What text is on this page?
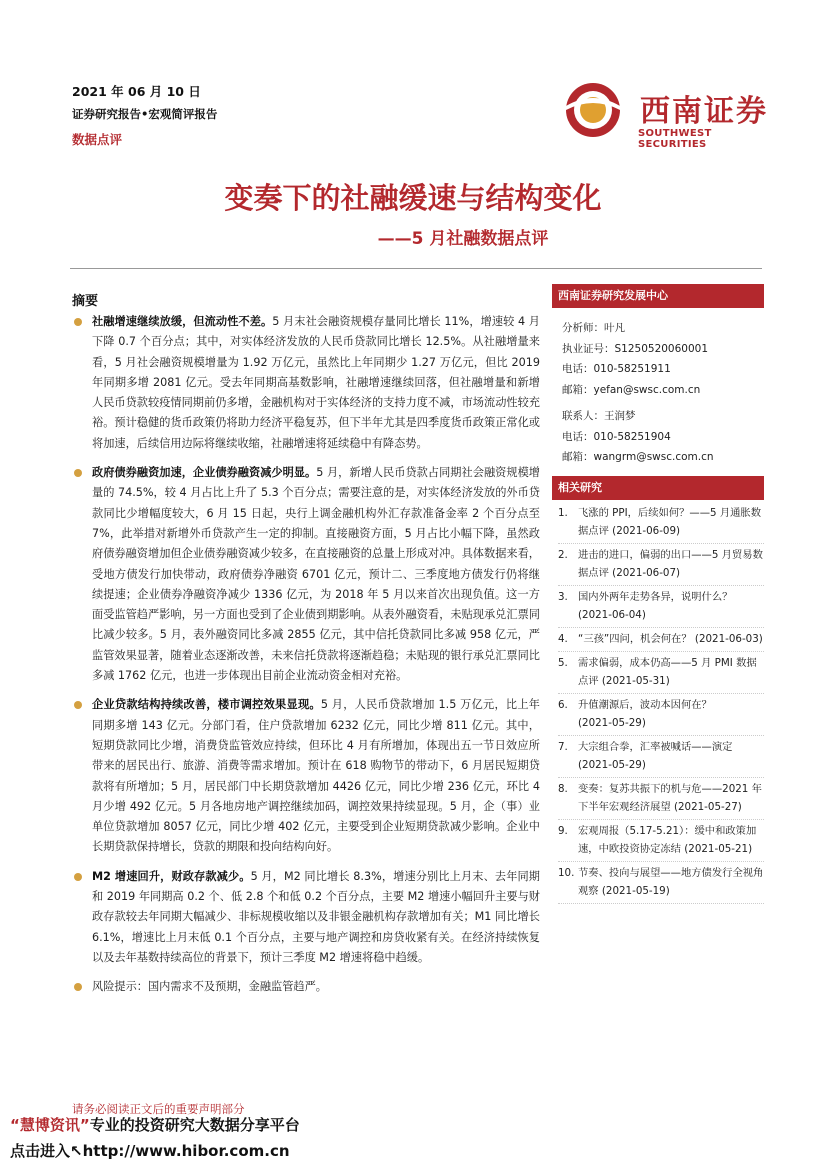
2021 年 06 月 10 日
证券研究报告•宏观简评报告
数据点评
西南证券
SOUTHWEST SECURITIES
变奏下的社融缓速与结构变化
——5 月社融数据点评
摘要
社融增速继续放缓，但流动性不差。5 月末社会融资规模存量同比增长 11%，增速较 4 月下降 0.7 个百分点；其中，对实体经济发放的人民币贷款同比增长 12.5%。从社融增量来看，5 月社会融资规模增量为 1.92 万亿元，虽然比上年同期少 1.27 万亿元，但比 2019 年同期多增 2081 亿元。受去年同期高基数影响，社融增速继续回落，但社融增量和新增人民币贷款较疫情同期前仍多增，金融机构对于实体经济的支持力度不减，市场流动性较充裕。预计稳健的货币政策仍将助力经济平稳复苏，但下半年尤其是四季度货币政策正常化或将加速，后续信用边际将继续收缩，社融增速将延续稳中有降态势。
政府债券融资加速，企业债券融资减少明显。5 月，新增人民币贷款占同期社会融资规模增量的 74.5%，较 4 月占比上升了 5.3 个百分点；需要注意的是，对实体经济发放的外币贷款同比少增幅度较大，6 月 15 日起，央行上调金融机构外汇存款准备金率 2 个百分点至 7%，此举措对新增外币贷款产生一定的抑制。直接融资方面，5 月占比小幅下降，虽然政府债券融资增加但企业债券融资减少较多，在直接融资的总量上形成对冲。具体数据来看，受地方债发行加快带动，政府债券净融资 6701 亿元，预计二、三季度地方债发行仍将继续提速；企业债券净融资净减少 1336 亿元，为 2018 年 5 月以来首次出现负值。这一方面受监管趋严影响，另一方面也受到了企业债到期影响。从表外融资看，未贴现承兑汇票同比减少较多。5 月，表外融资同比多减 2855 亿元，其中信托贷款同比多减 958 亿元，严监管效果显著，随着业态逐渐改善，未来信托贷款将逐渐趋稳；未贴现的银行承兑汇票同比多减 1762 亿元，也进一步体现出目前企业流动资金相对充裕。
企业贷款结构持续改善，楼市调控效果显现。5 月，人民币贷款增加 1.5 万亿元，比上年同期多增 143 亿元。分部门看，住户贷款增加 6232 亿元，同比少增 811 亿元。其中，短期贷款同比少增，消费贷监管效应持续，但环比 4 月有所增加，体现出五一节日效应所带来的居民出行、旅游、消费等需求增加。预计在 618 购物节的带动下，6 月居民短期贷款将有所增加；5 月，居民部门中长期贷款增加 4426 亿元，同比少增 236 亿元，环比 4 月少增 492 亿元。5 月各地房地产调控继续加码，调控效果持续显现。5 月，企（事）业单位贷款增加 8057 亿元，同比少增 402 亿元，主要受到企业短期贷款减少影响。企业中长期贷款保持增长，贷款的期限和投向结构向好。
M2 增速回升，财政存款减少。5 月，M2 同比增长 8.3%，增速分别比上月末、去年同期和 2019 年同期高 0.2 个、低 2.8 个和低 0.2 个百分点，主要 M2 增速小幅回升主要与财政存款较去年同期大幅减少、非标规模收缩以及非银金融机构存款增加有关；M1 同比增长 6.1%，增速比上月末低 0.1 个百分点，主要与地产调控和房贷收紧有关。在经济持续恢复以及去年基数持续高位的背景下，预计三季度 M2 增速将稳中趋缓。
风险提示：国内需求不及预期，金融监管趋严。
西南证券研究发展中心
分析师：叶凡
执业证号：S1250520060001
电话：010-58251911
邮箱：yefan@swsc.com.cn
联系人：王润梦
电话：010-58251904
邮箱：wangrm@swsc.com.cn
相关研究
1. 飞涨的 PPI，后续如何？——5 月通胀数据点评 (2021-06-09)
2. 进击的进口，偏弱的出口——5 月贸易数据点评 (2021-06-07)
3. 国内外两年走势各异，说明什么？ (2021-06-04)
4. “三孩”四问，机会何在？ (2021-06-03)
5. 需求偏弱，成本仍高——5 月 PMI 数据点评 (2021-05-31)
6. 升值潮源后，波动本因何在？ (2021-05-29)
7. 大宗组合拳，汇率被喊话——演定 (2021-05-29)
8. 变奏：复苏共振下的机与危——2021 年下半年宏观经济展望 (2021-05-27)
9. 宏观周报（5.17-5.21）：缓中和政策加速，中欧投资协定冻结 (2021-05-21)
10. 节奏、投向与展望——地方债发行全视角观察 (2021-05-19)
请务必阅读正文后的重要声明部分
“慧博资讯”专业的投资研究大数据分享平台
点击进入↖http://www.hibor.com.cn
